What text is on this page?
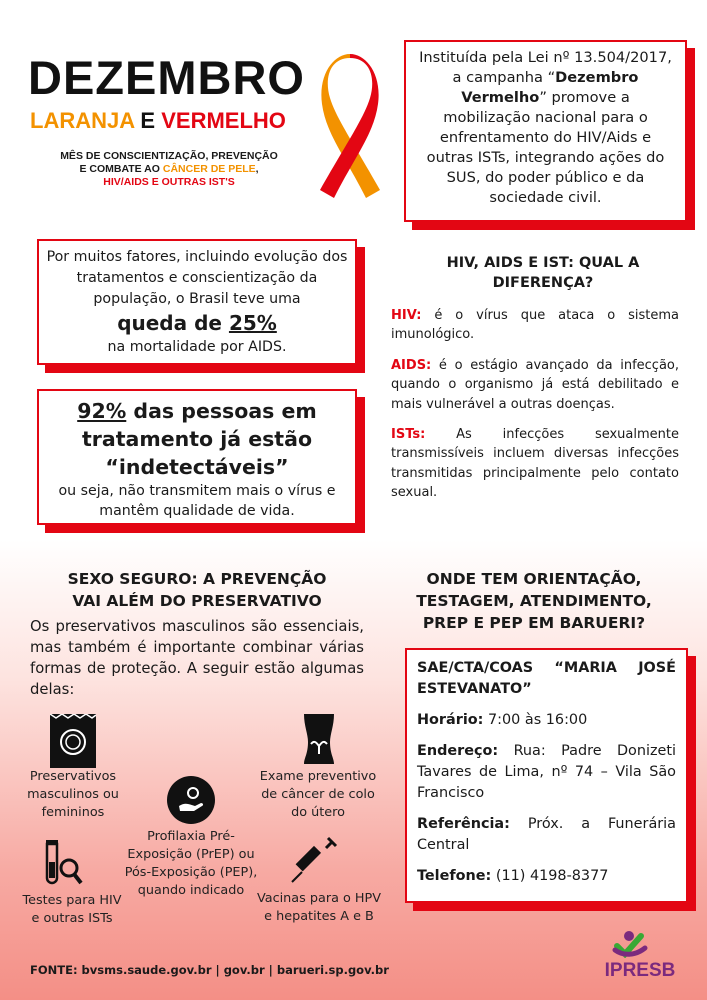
DEZEMBRO
LARANJA E VERMELHO
MÊS DE CONSCIENTIZAÇÃO, PREVENÇÃO
E COMBATE AO CÂNCER DE PELE,
HIV/AIDS E OUTRAS IST'S
Instituída pela Lei nº 13.504/2017, a campanha “Dezembro Vermelho” promove a mobilização nacional para o enfrentamento do HIV/Aids e outras ISTs, integrando ações do SUS, do poder público e da sociedade civil.
Por muitos fatores, incluindo evolução dos tratamentos e conscientização da população, o Brasil teve uma
queda de 25%
na mortalidade por AIDS.
92% das pessoas em tratamento já estão “indetectáveis”
ou seja, não transmitem mais o vírus e mantêm qualidade de vida.
HIV, AIDS E IST: QUAL A DIFERENÇA?

HIV: é o vírus que ataca o sistema imunológico.

AIDS: é o estágio avançado da infecção, quando o organismo já está debilitado e mais vulnerável a outras doenças.

ISTs: As infecções sexualmente transmissíveis incluem diversas infecções transmitidas principalmente pelo contato sexual.

SEXO SEGURO: A PREVENÇÃO
VAI ALÉM DO PRESERVATIVO
Os preservativos masculinos são essenciais, mas também é importante combinar várias formas de proteção. A seguir estão algumas delas:
Preservativos masculinos ou femininos
Profilaxia Pré-Exposição (PrEP) ou Pós-Exposição (PEP), quando indicado
Exame preventivo de câncer de colo do útero
Testes para HIV e outras ISTs
Vacinas para o HPV e hepatites A e B
ONDE TEM ORIENTAÇÃO,
TESTAGEM, ATENDIMENTO,
PREP E PEP EM BARUERI?

SAE/CTA/COAS “MARIA JOSÉ ESTEVANATO”

Horário: 7:00 às 16:00

Endereço: Rua: Padre Donizeti Tavares de Lima, nº 74 – Vila São Francisco

Referência: Próx. a Funerária Central

Telefone: (11) 4198-8377

FONTE: bvsms.saude.gov.br | gov.br | barueri.sp.gov.br	IPRESB
